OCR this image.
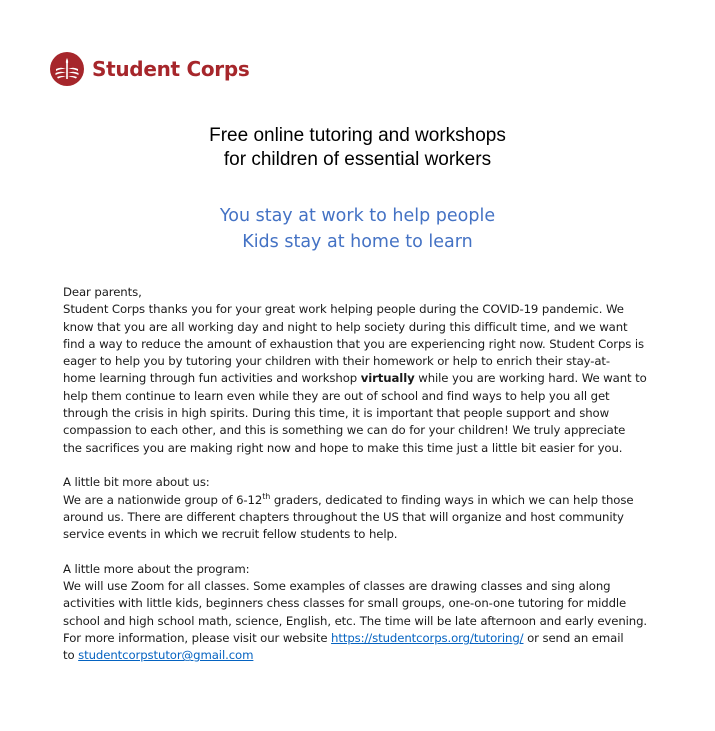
Student Corps
Free online tutoring and workshops
for children of essential workers
You stay at work to help people
Kids stay at home to learn
Dear parents,
Student Corps thanks you for your great work helping people during the COVID-19 pandemic. We
know that you are all working day and night to help society during this difficult time, and we want
find a way to reduce the amount of exhaustion that you are experiencing right now. Student Corps is
eager to help you by tutoring your children with their homework or help to enrich their stay-at-
home learning through fun activities and workshop virtually while you are working hard. We want to
help them continue to learn even while they are out of school and find ways to help you all get
through the crisis in high spirits. During this time, it is important that people support and show
compassion to each other, and this is something we can do for your children! We truly appreciate
the sacrifices you are making right now and hope to make this time just a little bit easier for you.
A little bit more about us:
We are a nationwide group of 6-12th graders, dedicated to finding ways in which we can help those
around us. There are different chapters throughout the US that will organize and host community
service events in which we recruit fellow students to help.
A little more about the program:
We will use Zoom for all classes. Some examples of classes are drawing classes and sing along
activities with little kids, beginners chess classes for small groups, one-on-one tutoring for middle
school and high school math, science, English, etc. The time will be late afternoon and early evening.
For more information, please visit our website https://studentcorps.org/tutoring/ or send an email
to studentcorpstutor@gmail.com
